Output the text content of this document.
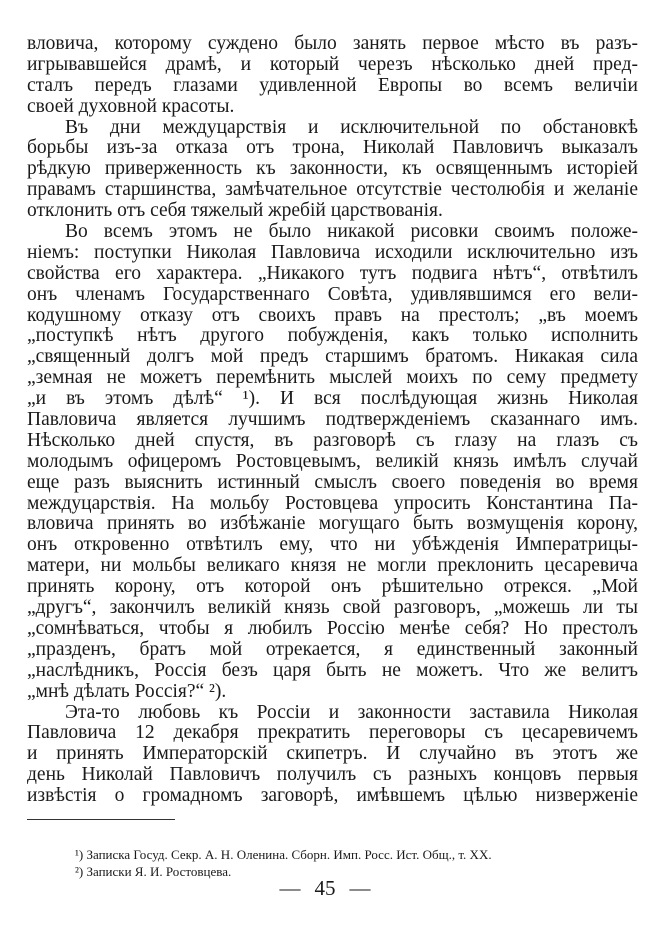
вловича, которому суждено было занять первое мѣсто въ разъ-
игрывавшейся драмѣ, и который черезъ нѣсколько дней пред-
сталъ передъ глазами удивленной Европы во всемъ величіи
своей духовной красоты.
Въ дни междуцарствія и исключительной по обстановкѣ
борьбы изъ-за отказа отъ трона, Николай Павловичъ выказалъ
рѣдкую приверженность къ законности, къ освященнымъ исторіей
правамъ старшинства, замѣчательное отсутствіе честолюбія и желаніе
отклонить отъ себя тяжелый жребій царствованія.
Во всемъ этомъ не было никакой рисовки своимъ положе-
ніемъ: поступки Николая Павловича исходили исключительно изъ
свойства его характера. „Никакого тутъ подвига нѣтъ“, отвѣтилъ
онъ членамъ Государственнаго Совѣта, удивлявшимся его вели-
кодушному отказу отъ своихъ правъ на престолъ; „въ моемъ
„поступкѣ нѣтъ другого побужденія, какъ только исполнить
„священный долгъ мой предъ старшимъ братомъ. Никакая сила
„земная не можетъ перемѣнить мыслей моихъ по сему предмету
„и въ этомъ дѣлѣ“ ¹). И вся послѣдующая жизнь Николая
Павловича является лучшимъ подтвержденіемъ сказаннаго имъ.
Нѣсколько дней спустя, въ разговорѣ съ глазу на глазъ съ
молодымъ офицеромъ Ростовцевымъ, великій князь имѣлъ случай
еще разъ выяснить истинный смыслъ своего поведенія во время
междуцарствія. На мольбу Ростовцева упросить Константина Па-
вловича принять во избѣжаніе могущаго быть возмущенія корону,
онъ откровенно отвѣтилъ ему, что ни убѣжденія Императрицы-
матери, ни мольбы великаго князя не могли преклонить цесаревича
принять корону, отъ которой онъ рѣшительно отрекся. „Мой
„другъ“, закончилъ великій князь свой разговоръ, „можешь ли ты
„сомнѣваться, чтобы я любилъ Россію менѣе себя? Но престолъ
„празденъ, братъ мой отрекается, я единственный законный
„наслѣдникъ, Россія безъ царя быть не можетъ. Что же велитъ
„мнѣ дѣлать Россія?“ ²).
Эта-то любовь къ Россіи и законности заставила Николая
Павловича 12 декабря прекратить переговоры съ цесаревичемъ
и принять Императорскій скипетръ. И случайно въ этотъ же
день Николай Павловичъ получилъ съ разныхъ концовъ первыя
извѣстія о громадномъ заговорѣ, имѣвшемъ цѣлью низверженіе
¹) Записка Госуд. Секр. А. Н. Оленина. Сборн. Имп. Росс. Ист. Общ., т. XX.
²) Записки Я. И. Ростовцева.
— 45 —
